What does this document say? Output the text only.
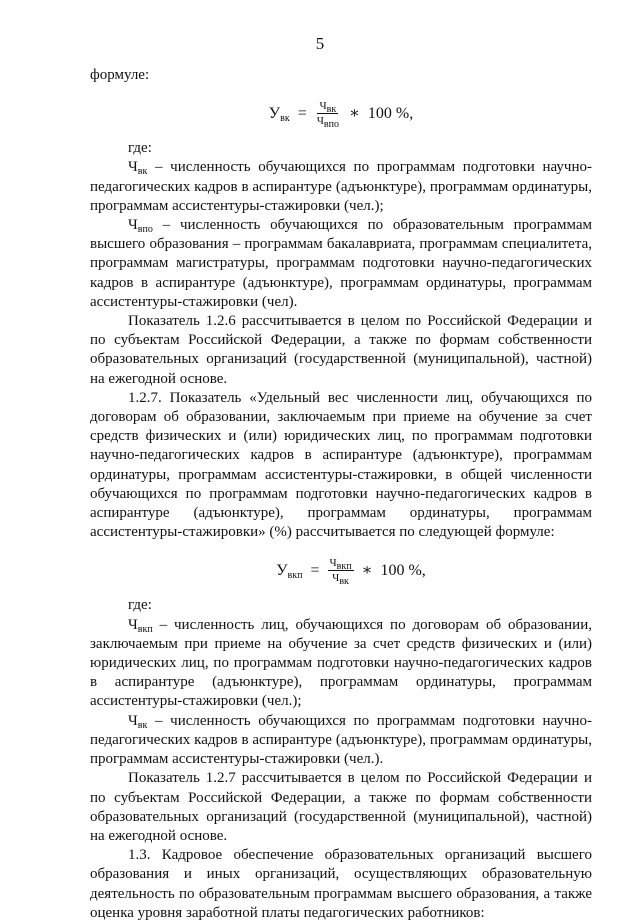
5

формуле:

$У_{вк} = \frac{Ч_{вк}}{Ч_{впо}}$ ∗ 100 %,

где:

$Ч_{вк}$ – численность обучающихся по программам подготовки научно-педагогических кадров в аспирантуре (адъюнктуре), программам ординатуры, программам ассистентуры-стажировки (чел.);

$Ч_{впо}$ – численность обучающихся по образовательным программам высшего образования – программам бакалавриата, программам специалитета, программам магистратуры, программам подготовки научно-педагогических кадров в аспирантуре (адъюнктуре), программам ординатуры, программам ассистентуры-стажировки (чел).

Показатель 1.2.6 рассчитывается в целом по Российской Федерации и по субъектам Российской Федерации, а также по формам собственности образовательных организаций (государственной (муниципальной), частной) на ежегодной основе.

1.2.7. Показатель «Удельный вес численности лиц, обучающихся по договорам об образовании, заключаемым при приеме на обучение за счет средств физических и (или) юридических лиц, по программам подготовки научно-педагогических кадров в аспирантуре (адъюнктуре), программам ординатуры, программам ассистентуры-стажировки, в общей численности обучающихся по программам подготовки научно-педагогических кадров в аспирантуре (адъюнктуре), программам ординатуры, программам ассистентуры-стажировки» (%) рассчитывается по следующей формуле:

$У_{вкп} = \frac{Ч_{вкп}}{Ч_{вк}}$ ∗ 100 %,

где:

$Ч_{вкп}$ – численность лиц, обучающихся по договорам об образовании, заключаемым при приеме на обучение за счет средств физических и (или) юридических лиц, по программам подготовки научно-педагогических кадров в аспирантуре (адъюнктуре), программам ординатуры, программам ассистентуры-стажировки (чел.);

$Ч_{вк}$ – численность обучающихся по программам подготовки научно-педагогических кадров в аспирантуре (адъюнктуре), программам ординатуры, программам ассистентуры-стажировки (чел.).

Показатель 1.2.7 рассчитывается в целом по Российской Федерации и по субъектам Российской Федерации, а также по формам собственности образовательных организаций (государственной (муниципальной), частной) на ежегодной основе.

1.3. Кадровое обеспечение образовательных организаций высшего образования и иных организаций, осуществляющих образовательную деятельность по образовательным программам высшего образования, а также оценка уровня заработной платы педагогических работников:
